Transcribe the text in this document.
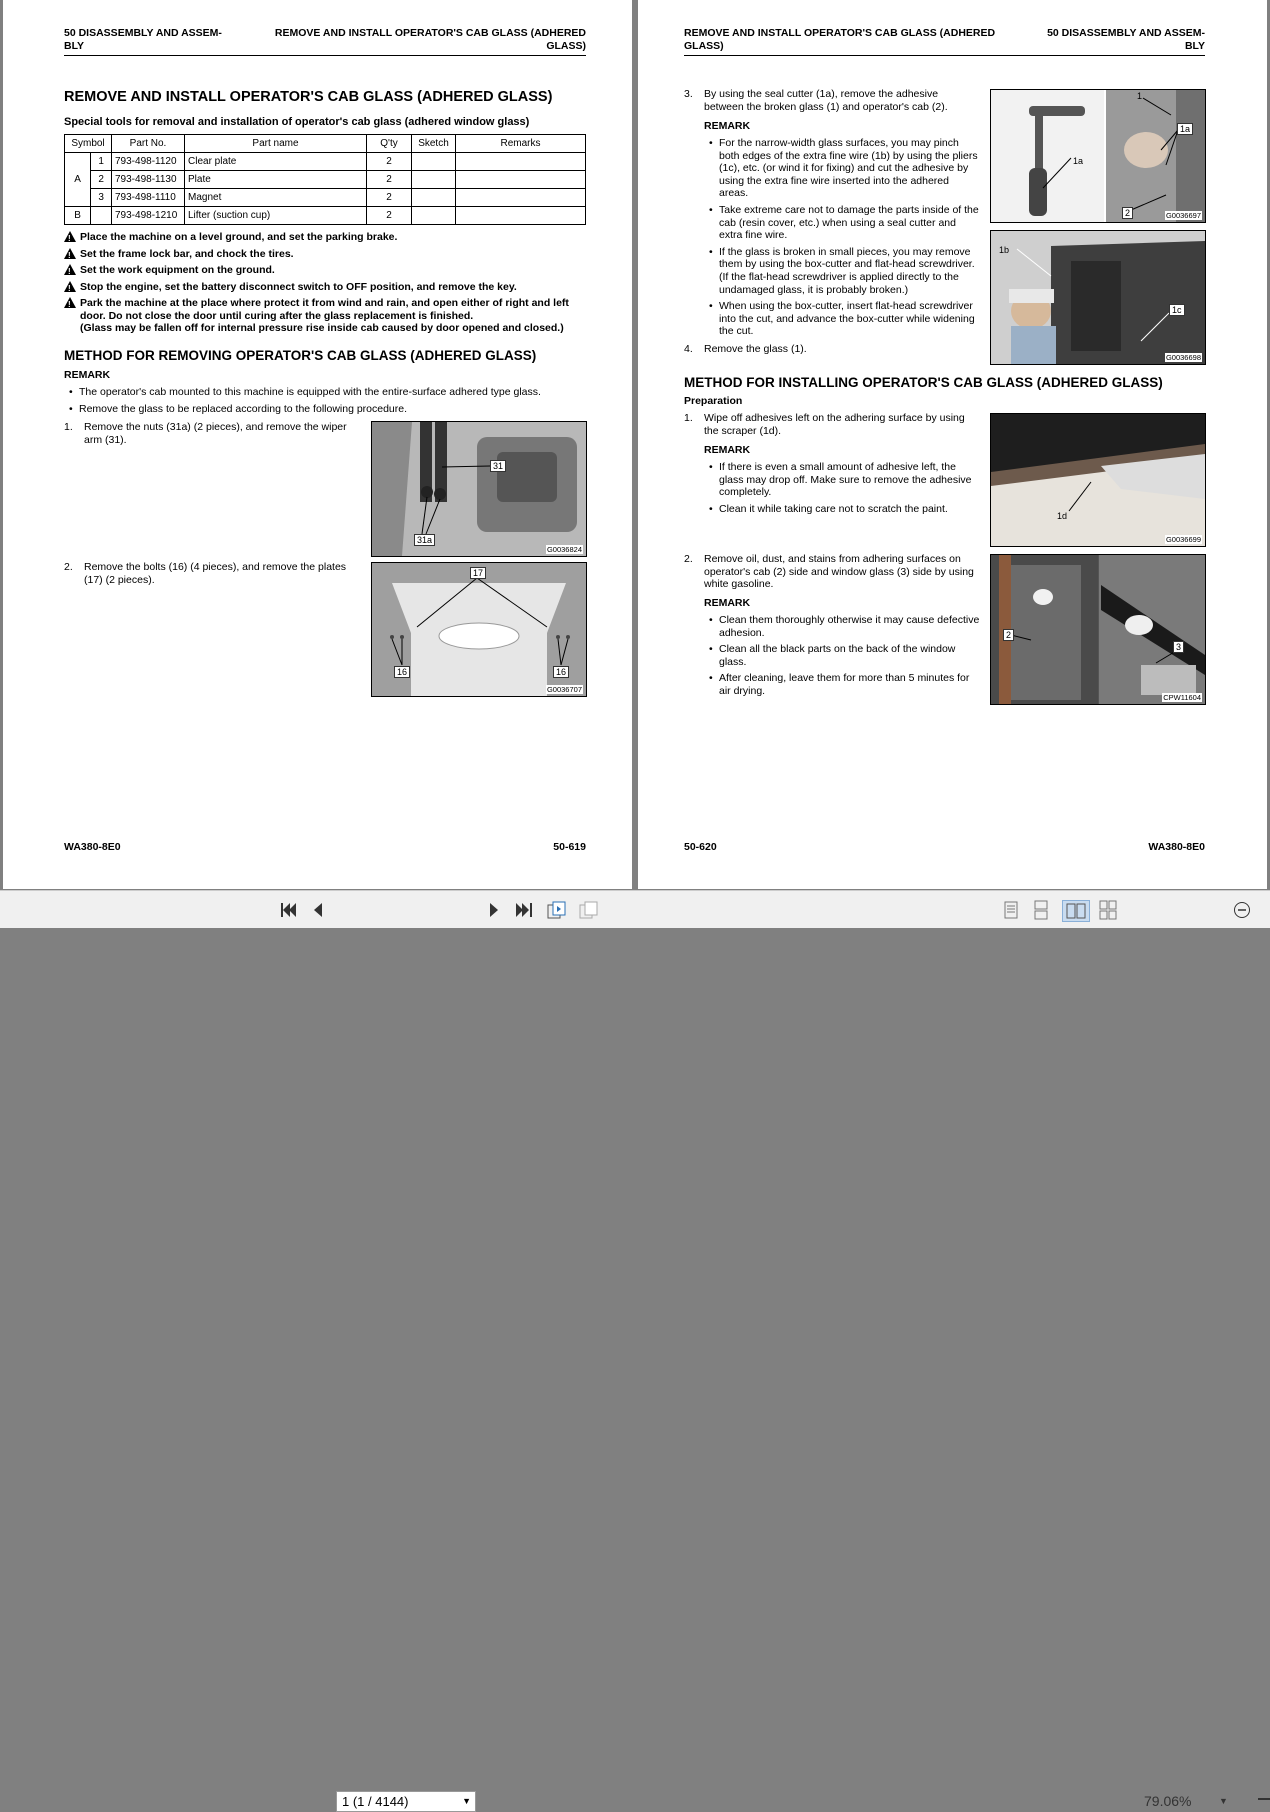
50 DISASSEMBLY AND ASSEM-
BLY
REMOVE AND INSTALL OPERATOR'S CAB GLASS (ADHERED
GLASS)
REMOVE AND INSTALL OPERATOR'S CAB GLASS (ADHERED GLASS)
Special tools for removal and installation of operator's cab glass (adhered window glass)
Symbol		Part No.	Part name	Q'ty	Sketch	Remarks
A	1	793-498-1120	Clear plate	2		
	2	793-498-1130	Plate	2		
	3	793-498-1110	Magnet	2		
B		793-498-1210	Lifter (suction cup)	2		
!
Place the machine on a level ground, and set the parking brake.
!
Set the frame lock bar, and chock the tires.
!
Set the work equipment on the ground.
!
Stop the engine, set the battery disconnect switch to OFF position, and remove the key.
!
Park the machine at the place where protect it from wind and rain, and open either of right and left door. Do not close the door until curing after the glass replacement is finished.
(Glass may be fallen off for internal pressure rise inside cab caused by door opened and closed.)
METHOD FOR REMOVING OPERATOR'S CAB GLASS (ADHERED GLASS)
REMARK
• The operator's cab mounted to this machine is equipped with the entire-surface adhered type glass.
• Remove the glass to be replaced according to the following procedure.
1.	Remove the nuts (31a) (2 pieces), and remove the wiper arm (31).
2.	Remove the bolts (16) (4 pieces), and remove the plates (17) (2 pieces).
31
31a
G0036824
17
16	16
G0036707
WA380-8E0	50-619
REMOVE AND INSTALL OPERATOR'S CAB GLASS (ADHERED
GLASS)
50 DISASSEMBLY AND ASSEM-
BLY
3.	By using the seal cutter (1a), remove the adhesive between the broken glass (1) and operator's cab (2).
REMARK
• For the narrow-width glass surfaces, you may pinch both edges of the extra fine wire (1b) by using the pliers (1c), etc. (or wind it for fixing) and cut the adhesive by using the extra fine wire inserted into the adhered areas.
• Take extreme care not to damage the parts inside of the cab (resin cover, etc.) when using a seal cutter and extra fine wire.
• If the glass is broken in small pieces, you may remove them by using the box-cutter and flat-head screwdriver. (If the flat-head screwdriver is applied directly to the undamaged glass, it is probably broken.)
• When using the box-cutter, insert flat-head screwdriver into the cut, and advance the box-cutter while widening the cut.
4.	Remove the glass (1).
1
1a
1a
2	G0036697
1b
1c
G0036698
METHOD FOR INSTALLING OPERATOR'S CAB GLASS (ADHERED GLASS)
Preparation
1.	Wipe off adhesives left on the adhering surface by using the scraper (1d).
REMARK
• If there is even a small amount of adhesive left, the glass may drop off. Make sure to remove the adhesive completely.
• Clean it while taking care not to scratch the paint.
1d
G0036699
2.	Remove oil, dust, and stains from adhering surfaces on operator's cab (2) side and window glass (3) side by using white gasoline.
REMARK
• Clean them thoroughly otherwise it may cause defective adhesion.
• Clean all the black parts on the back of the window glass.
• After cleaning, leave them for more than 5 minutes for air drying.
2
3
CPW11604
50-620	WA380-8E0
1 (1 / 4144)	▼	79.06%	▼
